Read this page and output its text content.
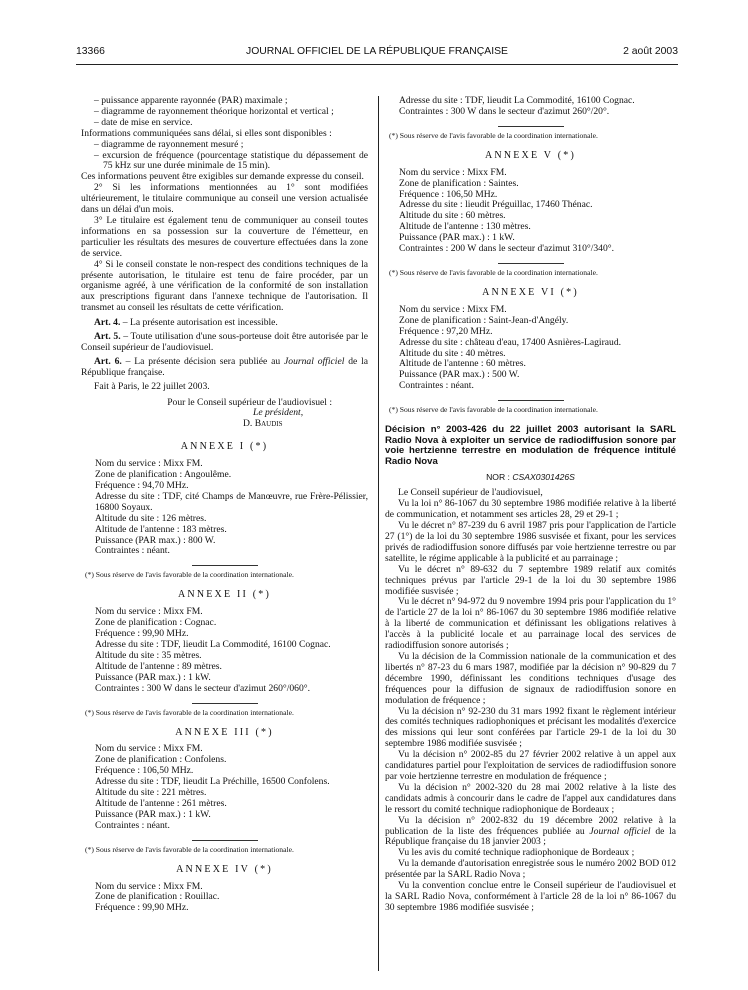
13366	JOURNAL OFFICIEL DE LA RÉPUBLIQUE FRANÇAISE	2 août 2003

– puissance apparente rayonnée (PAR) maximale ;

– diagramme de rayonnement théorique horizontal et vertical ;

– date de mise en service.

Informations communiquées sans délai, si elles sont disponibles :

– diagramme de rayonnement mesuré ;

– excursion de fréquence (pourcentage statistique du dépassement de 75 kHz sur une durée minimale de 15 min).

Ces informations peuvent être exigibles sur demande expresse du conseil.

2° Si les informations mentionnées au 1° sont modifiées ultérieurement, le titulaire communique au conseil une version actualisée dans un délai d'un mois.

3° Le titulaire est également tenu de communiquer au conseil toutes informations en sa possession sur la couverture de l'émetteur, en particulier les résultats des mesures de couverture effectuées dans la zone de service.

4° Si le conseil constate le non-respect des conditions techniques de la présente autorisation, le titulaire est tenu de faire procéder, par un organisme agréé, à une vérification de la conformité de son installation aux prescriptions figurant dans l'annexe technique de l'autorisation. Il transmet au conseil les résultats de cette vérification.

Art. 4. – La présente autorisation est incessible.

Art. 5. – Toute utilisation d'une sous-porteuse doit être autorisée par le Conseil supérieur de l'audiovisuel.

Art. 6. – La présente décision sera publiée au Journal officiel de la République française.

Fait à Paris, le 22 juillet 2003.

Pour le Conseil supérieur de l'audiovisuel :

Le président,

D. Baudis

ANNEXE I (*)

Nom du service : Mixx FM.

Zone de planification : Angoulême.

Fréquence : 94,70 MHz.

Adresse du site : TDF, cité Champs de Manœuvre, rue Frère-Pélissier, 16800 Soyaux.

Altitude du site : 126 mètres.

Altitude de l'antenne : 183 mètres.

Puissance (PAR max.) : 800 W.

Contraintes : néant.

(*) Sous réserve de l'avis favorable de la coordination internationale.

ANNEXE II (*)

Nom du service : Mixx FM.

Zone de planification : Cognac.

Fréquence : 99,90 MHz.

Adresse du site : TDF, lieudit La Commodité, 16100 Cognac.

Altitude du site : 35 mètres.

Altitude de l'antenne : 89 mètres.

Puissance (PAR max.) : 1 kW.

Contraintes : 300 W dans le secteur d'azimut 260°/060°.

(*) Sous réserve de l'avis favorable de la coordination internationale.

ANNEXE III (*)

Nom du service : Mixx FM.

Zone de planification : Confolens.

Fréquence : 106,50 MHz.

Adresse du site : TDF, lieudit La Préchille, 16500 Confolens.

Altitude du site : 221 mètres.

Altitude de l'antenne : 261 mètres.

Puissance (PAR max.) : 1 kW.

Contraintes : néant.

(*) Sous réserve de l'avis favorable de la coordination internationale.

ANNEXE IV (*)

Nom du service : Mixx FM.

Zone de planification : Rouillac.

Fréquence : 99,90 MHz.

Adresse du site : TDF, lieudit La Commodité, 16100 Cognac.

Contraintes : 300 W dans le secteur d'azimut 260°/20°.

(*) Sous réserve de l'avis favorable de la coordination internationale.

ANNEXE V (*)

Nom du service : Mixx FM.

Zone de planification : Saintes.

Fréquence : 106,50 MHz.

Adresse du site : lieudit Préguillac, 17460 Thénac.

Altitude du site : 60 mètres.

Altitude de l'antenne : 130 mètres.

Puissance (PAR max.) : 1 kW.

Contraintes : 200 W dans le secteur d'azimut 310°/340°.

(*) Sous réserve de l'avis favorable de la coordination internationale.

ANNEXE VI (*)

Nom du service : Mixx FM.

Zone de planification : Saint-Jean-d'Angély.

Fréquence : 97,20 MHz.

Adresse du site : château d'eau, 17400 Asnières-Lagiraud.

Altitude du site : 40 mètres.

Altitude de l'antenne : 60 mètres.

Puissance (PAR max.) : 500 W.

Contraintes : néant.

(*) Sous réserve de l'avis favorable de la coordination internationale.

Décision n° 2003-426 du 22 juillet 2003 autorisant la SARL Radio Nova à exploiter un service de radiodiffusion sonore par voie hertzienne terrestre en modulation de fréquence intitulé Radio Nova
NOR : CSAX0301426S

Le Conseil supérieur de l'audiovisuel,

Vu la loi n° 86-1067 du 30 septembre 1986 modifiée relative à la liberté de communication, et notamment ses articles 28, 29 et 29-1 ;

Vu le décret n° 87-239 du 6 avril 1987 pris pour l'application de l'article 27 (1°) de la loi du 30 septembre 1986 susvisée et fixant, pour les services privés de radiodiffusion sonore diffusés par voie hertzienne terrestre ou par satellite, le régime applicable à la publicité et au parrainage ;

Vu le décret n° 89-632 du 7 septembre 1989 relatif aux comités techniques prévus par l'article 29-1 de la loi du 30 septembre 1986 modifiée susvisée ;

Vu le décret n° 94-972 du 9 novembre 1994 pris pour l'application du 1° de l'article 27 de la loi n° 86-1067 du 30 septembre 1986 modifiée relative à la liberté de communication et définissant les obligations relatives à l'accès à la publicité locale et au parrainage local des services de radiodiffusion sonore autorisés ;

Vu la décision de la Commission nationale de la communication et des libertés n° 87-23 du 6 mars 1987, modifiée par la décision n° 90-829 du 7 décembre 1990, définissant les conditions techniques d'usage des fréquences pour la diffusion de signaux de radiodiffusion sonore en modulation de fréquence ;

Vu la décision n° 92-230 du 31 mars 1992 fixant le règlement intérieur des comités techniques radiophoniques et précisant les modalités d'exercice des missions qui leur sont conférées par l'article 29-1 de la loi du 30 septembre 1986 modifiée susvisée ;

Vu la décision n° 2002-85 du 27 février 2002 relative à un appel aux candidatures partiel pour l'exploitation de services de radiodiffusion sonore par voie hertzienne terrestre en modulation de fréquence ;

Vu la décision n° 2002-320 du 28 mai 2002 relative à la liste des candidats admis à concourir dans le cadre de l'appel aux candidatures dans le ressort du comité technique radiophonique de Bordeaux ;

Vu la décision n° 2002-832 du 19 décembre 2002 relative à la publication de la liste des fréquences publiée au Journal officiel de la République française du 18 janvier 2003 ;

Vu les avis du comité technique radiophonique de Bordeaux ;

Vu la demande d'autorisation enregistrée sous le numéro 2002 BOD 012 présentée par la SARL Radio Nova ;

Vu la convention conclue entre le Conseil supérieur de l'audiovisuel et la SARL Radio Nova, conformément à l'article 28 de la loi n° 86-1067 du 30 septembre 1986 modifiée susvisée ;
